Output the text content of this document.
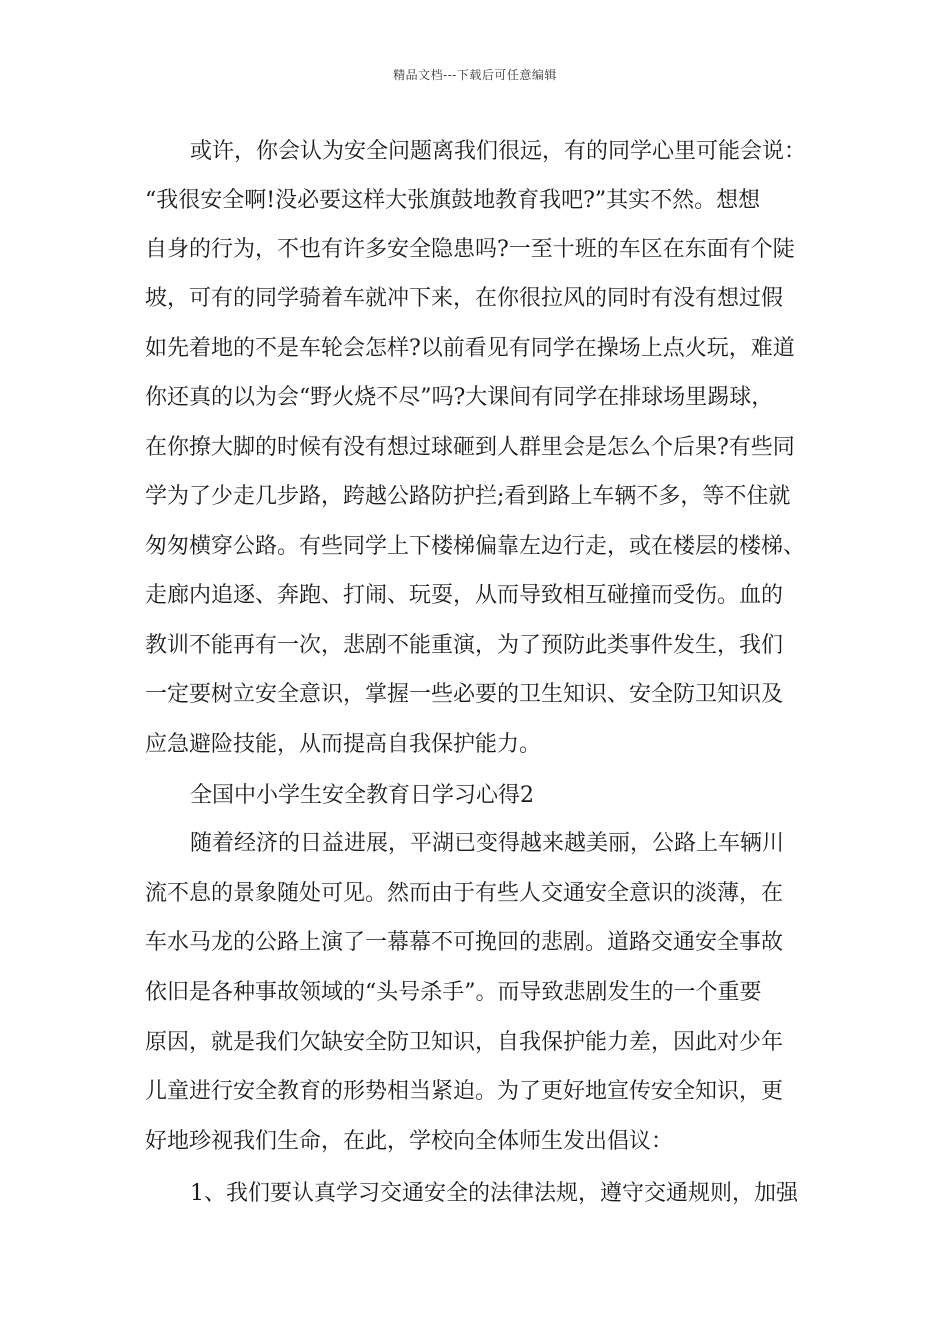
精品文档---下载后可任意编辑
或许，你会认为安全问题离我们很远，有的同学心里可能会说：
“我很安全啊!没必要这样大张旗鼓地教育我吧?”其实不然。想想
自身的行为，不也有许多安全隐患吗?一至十班的车区在东面有个陡
坡，可有的同学骑着车就冲下来，在你很拉风的同时有没有想过假
如先着地的不是车轮会怎样?以前看见有同学在操场上点火玩，难道
你还真的以为会“野火烧不尽”吗?大课间有同学在排球场里踢球，
在你撩大脚的时候有没有想过球砸到人群里会是怎么个后果?有些同
学为了少走几步路，跨越公路防护拦;看到路上车辆不多，等不住就
匆匆横穿公路。有些同学上下楼梯偏靠左边行走，或在楼层的楼梯、
走廊内追逐、奔跑、打闹、玩耍，从而导致相互碰撞而受伤。血的
教训不能再有一次，悲剧不能重演，为了预防此类事件发生，我们
一定要树立安全意识，掌握一些必要的卫生知识、安全防卫知识及
应急避险技能，从而提高自我保护能力。
全国中小学生安全教育日学习心得2
随着经济的日益进展，平湖已变得越来越美丽，公路上车辆川
流不息的景象随处可见。然而由于有些人交通安全意识的淡薄，在
车水马龙的公路上演了一幕幕不可挽回的悲剧。道路交通安全事故
依旧是各种事故领域的“头号杀手”。而导致悲剧发生的一个重要
原因，就是我们欠缺安全防卫知识，自我保护能力差，因此对少年
儿童进行安全教育的形势相当紧迫。为了更好地宣传安全知识，更
好地珍视我们生命，在此，学校向全体师生发出倡议：
1、我们要认真学习交通安全的法律法规，遵守交通规则，加强
